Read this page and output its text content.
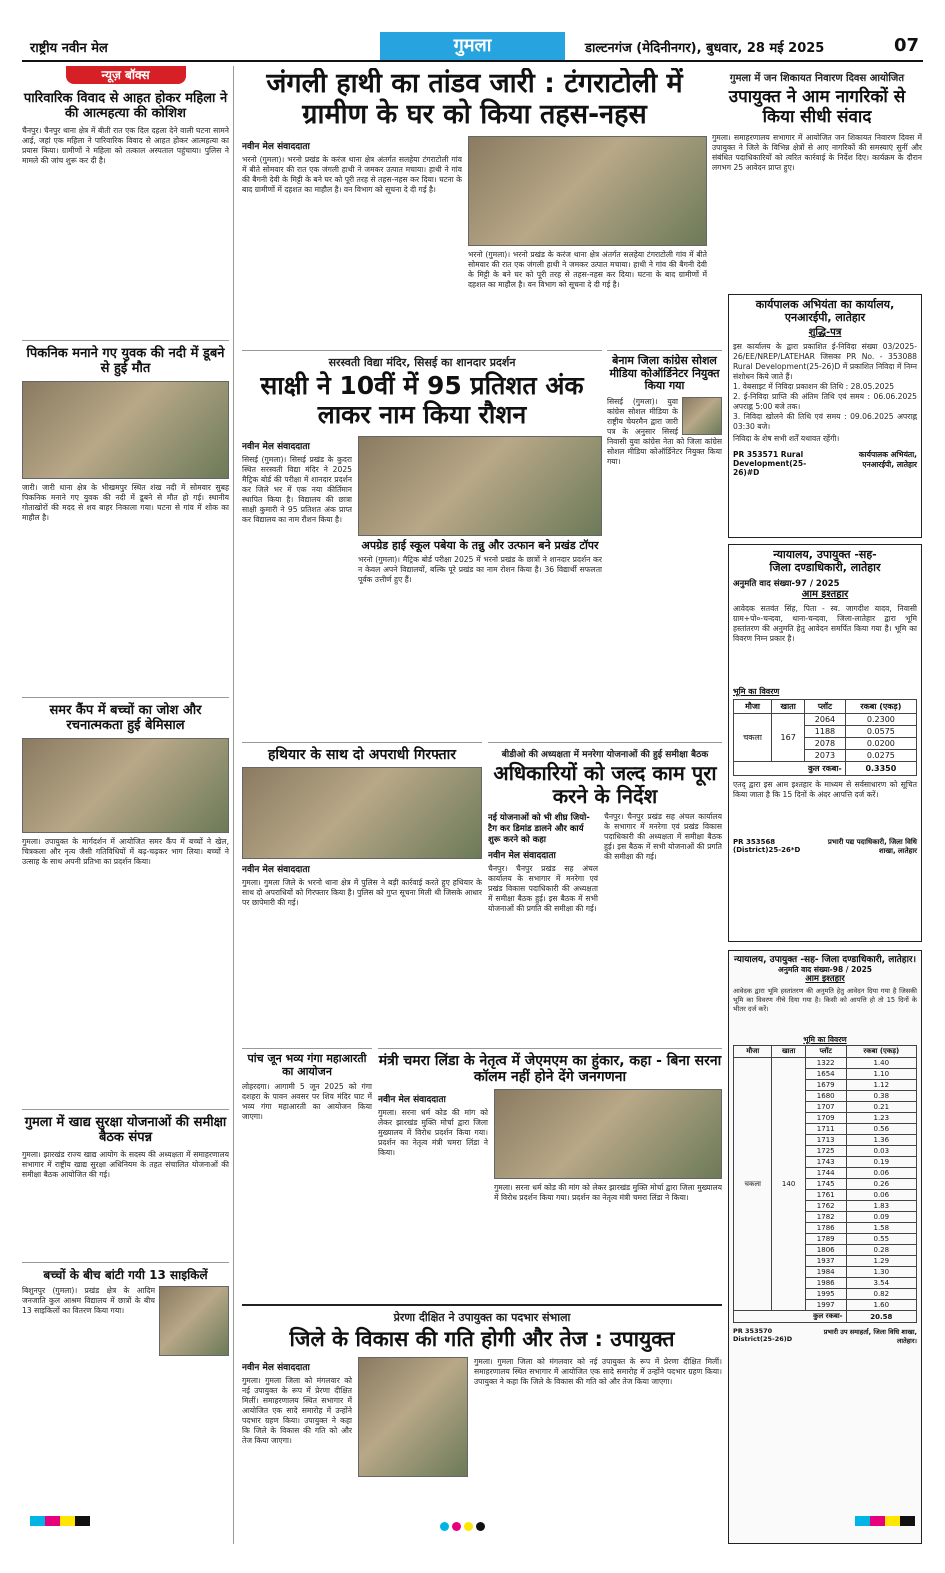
राष्ट्रीय नवीन मेल	गुमला	डाल्टनगंज (मेदिनीनगर), बुधवार, 28 मई 2025	07
न्यूज़ बॉक्स
पारिवारिक विवाद से आहत होकर महिला ने की आत्महत्या की कोशिश
चैनपुर। चैनपुर थाना क्षेत्र में बीती रात एक दिल दहला देने वाली घटना सामने आई, जहां एक महिला ने पारिवारिक विवाद से आहत होकर आत्महत्या का प्रयास किया। ग्रामीणों ने महिला को तत्काल अस्पताल पहुंचाया। पुलिस ने मामले की जांच शुरू कर दी है।
पिकनिक मनाने गए युवक की नदी में डूबने से हुई मौत
जारी। जारी थाना क्षेत्र के भीखमपुर स्थित शंख नदी में सोमवार सुबह पिकनिक मनाने गए युवक की नदी में डूबने से मौत हो गई। स्थानीय गोताखोरों की मदद से शव बाहर निकाला गया। घटना से गांव में शोक का माहौल है।
समर कैंप में बच्चों का जोश और रचनात्मकता हुई बेमिसाल
गुमला। उपायुक्त के मार्गदर्शन में आयोजित समर कैंप में बच्चों ने खेल, चित्रकला और नृत्य जैसी गतिविधियों में बढ़-चढ़कर भाग लिया। बच्चों ने उत्साह के साथ अपनी प्रतिभा का प्रदर्शन किया।
गुमला में खाद्य सुरक्षा योजनाओं की समीक्षा बैठक संपन्न
गुमला। झारखंड राज्य खाद्य आयोग के सदस्य की अध्यक्षता में समाहरणालय सभागार में राष्ट्रीय खाद्य सुरक्षा अधिनियम के तहत संचालित योजनाओं की समीक्षा बैठक आयोजित की गई।
बच्चों के बीच बांटी गयी 13 साइकिलें
बिशुनपुर (गुमला)। प्रखंड क्षेत्र के आदिम जनजाति कुल आश्रम विद्यालय में छात्रों के बीच 13 साइकिलों का वितरण किया गया।
जंगली हाथी का तांडव जारी : टंगराटोली में ग्रामीण के घर को किया तहस-नहस
नवीन मेल संवाददाता
भरनो (गुमला)। भरनो प्रखंड के करंज थाना क्षेत्र अंतर्गत सलहेया टंगराटोली गांव में बीते सोमवार की रात एक जंगली हाथी ने जमकर उत्पात मचाया। हाथी ने गांव की बैगनी देवी के मिट्टी के बने घर को पूरी तरह से तहस-नहस कर दिया। घटना के बाद ग्रामीणों में दहशत का माहौल है। वन विभाग को सूचना दे दी गई है।
भरनो (गुमला)। भरनो प्रखंड के करंज थाना क्षेत्र अंतर्गत सलहेया टंगराटोली गांव में बीते सोमवार की रात एक जंगली हाथी ने जमकर उत्पात मचाया। हाथी ने गांव की बैगनी देवी के मिट्टी के बने घर को पूरी तरह से तहस-नहस कर दिया। घटना के बाद ग्रामीणों में दहशत का माहौल है। वन विभाग को सूचना दे दी गई है।
गुमला में जन शिकायत निवारण दिवस आयोजित
उपायुक्त ने आम नागरिकों से किया सीधी संवाद
गुमला। समाहरणालय सभागार में आयोजित जन शिकायत निवारण दिवस में उपायुक्त ने जिले के विभिन्न क्षेत्रों से आए नागरिकों की समस्याएं सुनीं और संबंधित पदाधिकारियों को त्वरित कार्रवाई के निर्देश दिए। कार्यक्रम के दौरान लगभग 25 आवेदन प्राप्त हुए।
कार्यपालक अभियंता का कार्यालय,
एनआरईपी, लातेहार
शुद्धि-पत्र
इस कार्यालय के द्वारा प्रकाशित ई-निविदा संख्या 03/2025-26/EE/NREP/LATEHAR जिसका PR No. - 353088 Rural Development(25-26)D में प्रकाशित निविदा में निम्न संशोधन किये जाते हैं।
1. वेबसाइट में निविदा प्रकाशन की तिथि : 28.05.2025
2. ई-निविदा प्राप्ति की अंतिम तिथि एवं समय : 06.06.2025 अपराह्न 5:00 बजे तक।
3. निविदा खोलने की तिथि एवं समय : 09.06.2025 अपराह्न 03:30 बजे।
निविदा के शेष सभी शर्तें यथावत रहेंगी।
PR 353571 Rural Development(25-26)#D
कार्यपालक अभियंता, एनआरईपी, लातेहार
न्यायालय, उपायुक्त -सह-
जिला दण्डाधिकारी, लातेहार
अनुमति वाद संख्या-97 / 2025
आम इश्तहार
आवेदक सतवंत सिंह, पिता - स्व. जागदीश यादव, निवासी ग्राम+पो०-चन्दवा, थाना-चन्दवा, जिला-लातेहार द्वारा भूमि हस्तांतरण की अनुमति हेतु आवेदन समर्पित किया गया है। भूमि का विवरण निम्न प्रकार है।
भूमि का विवरण
मौजा	खाता	प्लॉट	रकबा (एकड़)
चकला	167	2064	0.2300
		1188	0.0575
		2078	0.0200
		2073	0.0275
कुल रकबा-			0.3350
एतद् द्वारा इस आम इश्तहार के माध्यम से सर्वसाधारण को सूचित किया जाता है कि 15 दिनों के अंदर आपत्ति दर्ज करें।
PR 353568 (District)25-26*D
प्रभारी पद्य पदाधिकारी, जिला विधि शाखा, लातेहार
न्यायालय, उपायुक्त -सह- जिला दण्डाधिकारी, लातेहार।
अनुमति वाद संख्या-98 / 2025
आम इश्तहार
आवेदक द्वारा भूमि हस्तांतरण की अनुमति हेतु आवेदन दिया गया है जिसकी भूमि का विवरण नीचे दिया गया है। किसी को आपत्ति हो तो 15 दिनों के भीतर दर्ज करें।
भूमि का विवरण
मौजा	खाता	प्लॉट	रकबा (एकड़)
चकला	140	1322	1.40
		1654	1.10
		1679	1.12
		1680	0.38
		1707	0.21
		1709	1.23
		1711	0.56
		1713	1.36
		1725	0.03
		1743	0.19
		1744	0.06
		1745	0.26
		1761	0.06
		1762	1.83
		1782	0.09
		1786	1.58
		1789	0.55
		1806	0.28
		1937	1.29
		1984	1.30
		1986	3.54
		1995	0.82
		1997	1.60
कुल रकबा-			20.58
PR 353570 District(25-26)D
प्रभारी उप समाहर्ता, जिला विधि शाखा, लातेहार।
सरस्वती विद्या मंदिर, सिसई का शानदार प्रदर्शन
साक्षी ने 10वीं में 95 प्रतिशत अंक लाकर नाम किया रौशन
नवीन मेल संवाददाता
सिसई (गुमला)। सिसई प्रखंड के कुदरा स्थित सरस्वती विद्या मंदिर ने 2025 मैट्रिक बोर्ड की परीक्षा में शानदार प्रदर्शन कर जिले भर में एक नया कीर्तिमान स्थापित किया है। विद्यालय की छात्रा साक्षी कुमारी ने 95 प्रतिशत अंक प्राप्त कर विद्यालय का नाम रौशन किया है।
अपग्रेड हाई स्कूल पबेया के तन्नु और उत्फान बने प्रखंड टॉपर
भरनो (गुमला)। मैट्रिक बोर्ड परीक्षा 2025 में भरनो प्रखंड के छात्रों ने शानदार प्रदर्शन कर न केवल अपने विद्यालयों, बल्कि पूरे प्रखंड का नाम रोशन किया है। 36 विद्यार्थी सफलता पूर्वक उत्तीर्ण हुए हैं।
बेनाम जिला कांग्रेस सोशल मीडिया कोऑर्डिनेटर नियुक्त किया गया
सिसई (गुमला)। युवा कांग्रेस सोशल मीडिया के राष्ट्रीय चेयरमैन द्वारा जारी पत्र के अनुसार सिसई निवासी युवा कांग्रेस नेता को जिला कांग्रेस सोशल मीडिया कोऑर्डिनेटर नियुक्त किया गया।
हथियार के साथ दो अपराधी गिरफ्तार
नवीन मेल संवाददाता
गुमला। गुमला जिले के भरनो थाना क्षेत्र में पुलिस ने बड़ी कार्रवाई करते हुए हथियार के साथ दो अपराधियों को गिरफ्तार किया है। पुलिस को गुप्त सूचना मिली थी जिसके आधार पर छापेमारी की गई।
बीडीओ की अध्यक्षता में मनरेगा योजनाओं की हुई समीक्षा बैठक
अधिकारियों को जल्द काम पूरा करने के निर्देश
नई योजनाओं को भी शीघ्र जियो-टैग कर डिमांड डालने और कार्य शुरू करने को कहा
नवीन मेल संवाददाता
चैनपुर। चैनपुर प्रखंड सह अंचल कार्यालय के सभागार में मनरेगा एवं प्रखंड विकास पदाधिकारी की अध्यक्षता में समीक्षा बैठक हुई। इस बैठक में सभी योजनाओं की प्रगति की समीक्षा की गई।
चैनपुर। चैनपुर प्रखंड सह अंचल कार्यालय के सभागार में मनरेगा एवं प्रखंड विकास पदाधिकारी की अध्यक्षता में समीक्षा बैठक हुई। इस बैठक में सभी योजनाओं की प्रगति की समीक्षा की गई।
पांच जून भव्य गंगा महाआरती का आयोजन
लोहरदगा। आगामी 5 जून 2025 को गंगा दशहरा के पावन अवसर पर शिव मंदिर घाट में भव्य गंगा महाआरती का आयोजन किया जाएगा।
मंत्री चमरा लिंडा के नेतृत्व में जेएमएम का हुंकार, कहा - बिना सरना कॉलम नहीं होने देंगे जनगणना
नवीन मेल संवाददाता
गुमला। सरना धर्म कोड की मांग को लेकर झारखंड मुक्ति मोर्चा द्वारा जिला मुख्यालय में विरोध प्रदर्शन किया गया। प्रदर्शन का नेतृत्व मंत्री चमरा लिंडा ने किया।
गुमला। सरना धर्म कोड की मांग को लेकर झारखंड मुक्ति मोर्चा द्वारा जिला मुख्यालय में विरोध प्रदर्शन किया गया। प्रदर्शन का नेतृत्व मंत्री चमरा लिंडा ने किया।
प्रेरणा दीक्षित ने उपायुक्त का पदभार संभाला
जिले के विकास की गति होगी और तेज : उपायुक्त
नवीन मेल संवाददाता
गुमला। गुमला जिला को मंगलवार को नई उपायुक्त के रूप में प्रेरणा दीक्षित मिलीं। समाहरणालय स्थित सभागार में आयोजित एक सादे समारोह में उन्होंने पदभार ग्रहण किया। उपायुक्त ने कहा कि जिले के विकास की गति को और तेज किया जाएगा।
गुमला। गुमला जिला को मंगलवार को नई उपायुक्त के रूप में प्रेरणा दीक्षित मिलीं। समाहरणालय स्थित सभागार में आयोजित एक सादे समारोह में उन्होंने पदभार ग्रहण किया। उपायुक्त ने कहा कि जिले के विकास की गति को और तेज किया जाएगा।
